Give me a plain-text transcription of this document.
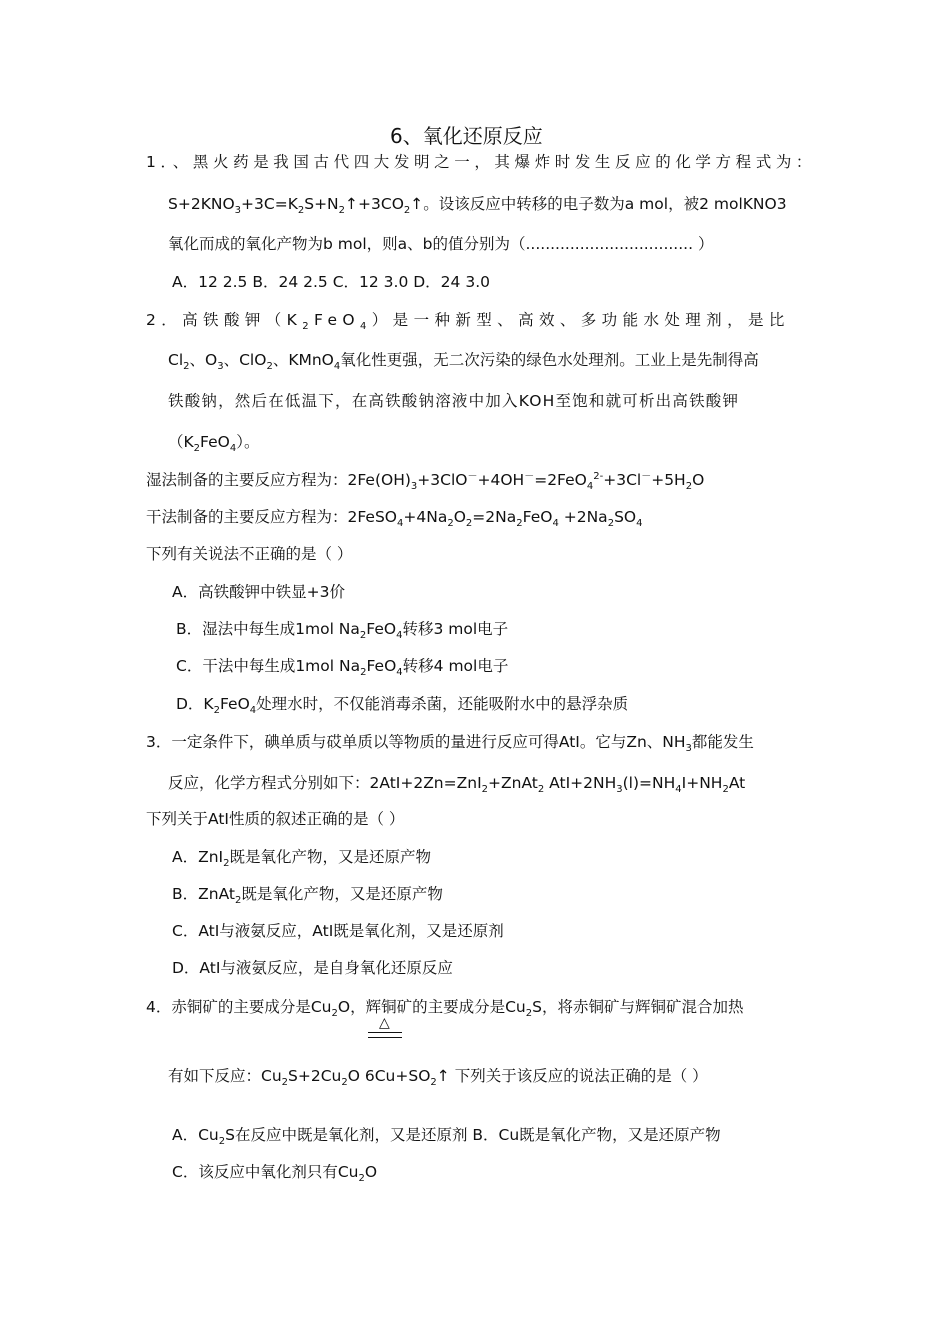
6、氧化还原反应
1．、黑火药是我国古代四大发明之一，其爆炸时发生反应的化学方程式为：
$S+2KNO_3+3C=K_2S+N_2↑+3CO_2↑$。设该反应中转移的电子数为a mol，被2 molKNO3
氧化而成的氧化产物为b mol，则a、b的值分别为（.................................. ）
A．12 2.5 B．24 2.5 C．12 3.0 D．24 3.0
2．高铁酸钾$(K_2FeO_4)$是一种新型、高效、多功能水处理剂，是比
$Cl_2$、$O_3$、ClO$_2$、KMnO$_4$氧化性更强，无二次污染的绿色水处理剂。工业上是先制得高
铁酸钠，然后在低温下，在高铁酸钠溶液中加入KOH至饱和就可析出高铁酸钾
$(K_2FeO_4)$。
湿法制备的主要反应方程为：$2Fe(OH)_3+3ClO^-+4OH^-=2FeO_4^{2-}+3Cl^-+5H_2O$
干法制备的主要反应方程为：$2FeSO_4+4Na_2O_2=2Na_2FeO_4 +2Na_2SO_4$
下列有关说法不正确的是（ ）
A．高铁酸钾中铁显+3价
B．湿法中每生成1mol $Na_2FeO_4$转移3 mol电子
C．干法中每生成1mol $Na_2FeO_4$转移4 mol电子
D．$K_2FeO_4$处理水时，不仅能消毒杀菌，还能吸附水中的悬浮杂质
3．一定条件下，碘单质与砹单质以等物质的量进行反应可得AtI。它与Zn、$NH_3$都能发生
反应，化学方程式分别如下：2AtI+2Zn=ZnI$_2$+ZnAt$_2$ $AtI+2NH_3(l)=NH_4I+NH_2At$
下列关于AtI性质的叙述正确的是（ ）
A．ZnI$_2$既是氧化产物，又是还原产物
B．ZnAt$_2$既是氧化产物，又是还原产物
C．AtI与液氨反应，AtI既是氧化剂，又是还原剂
D．AtI与液氨反应，是自身氧化还原反应
4．赤铜矿的主要成分是$Cu_2O$，辉铜矿的主要成分是$Cu_2S$，将赤铜矿与辉铜矿混合加热
△
有如下反应：$Cu_2S+2Cu_2O$ $6Cu+SO_2↑$ 下列关于该反应的说法正确的是（ ）
A．$Cu_2S$在反应中既是氧化剂，又是还原剂 B．Cu既是氧化产物，又是还原产物
C．该反应中氧化剂只有$Cu_2O$
